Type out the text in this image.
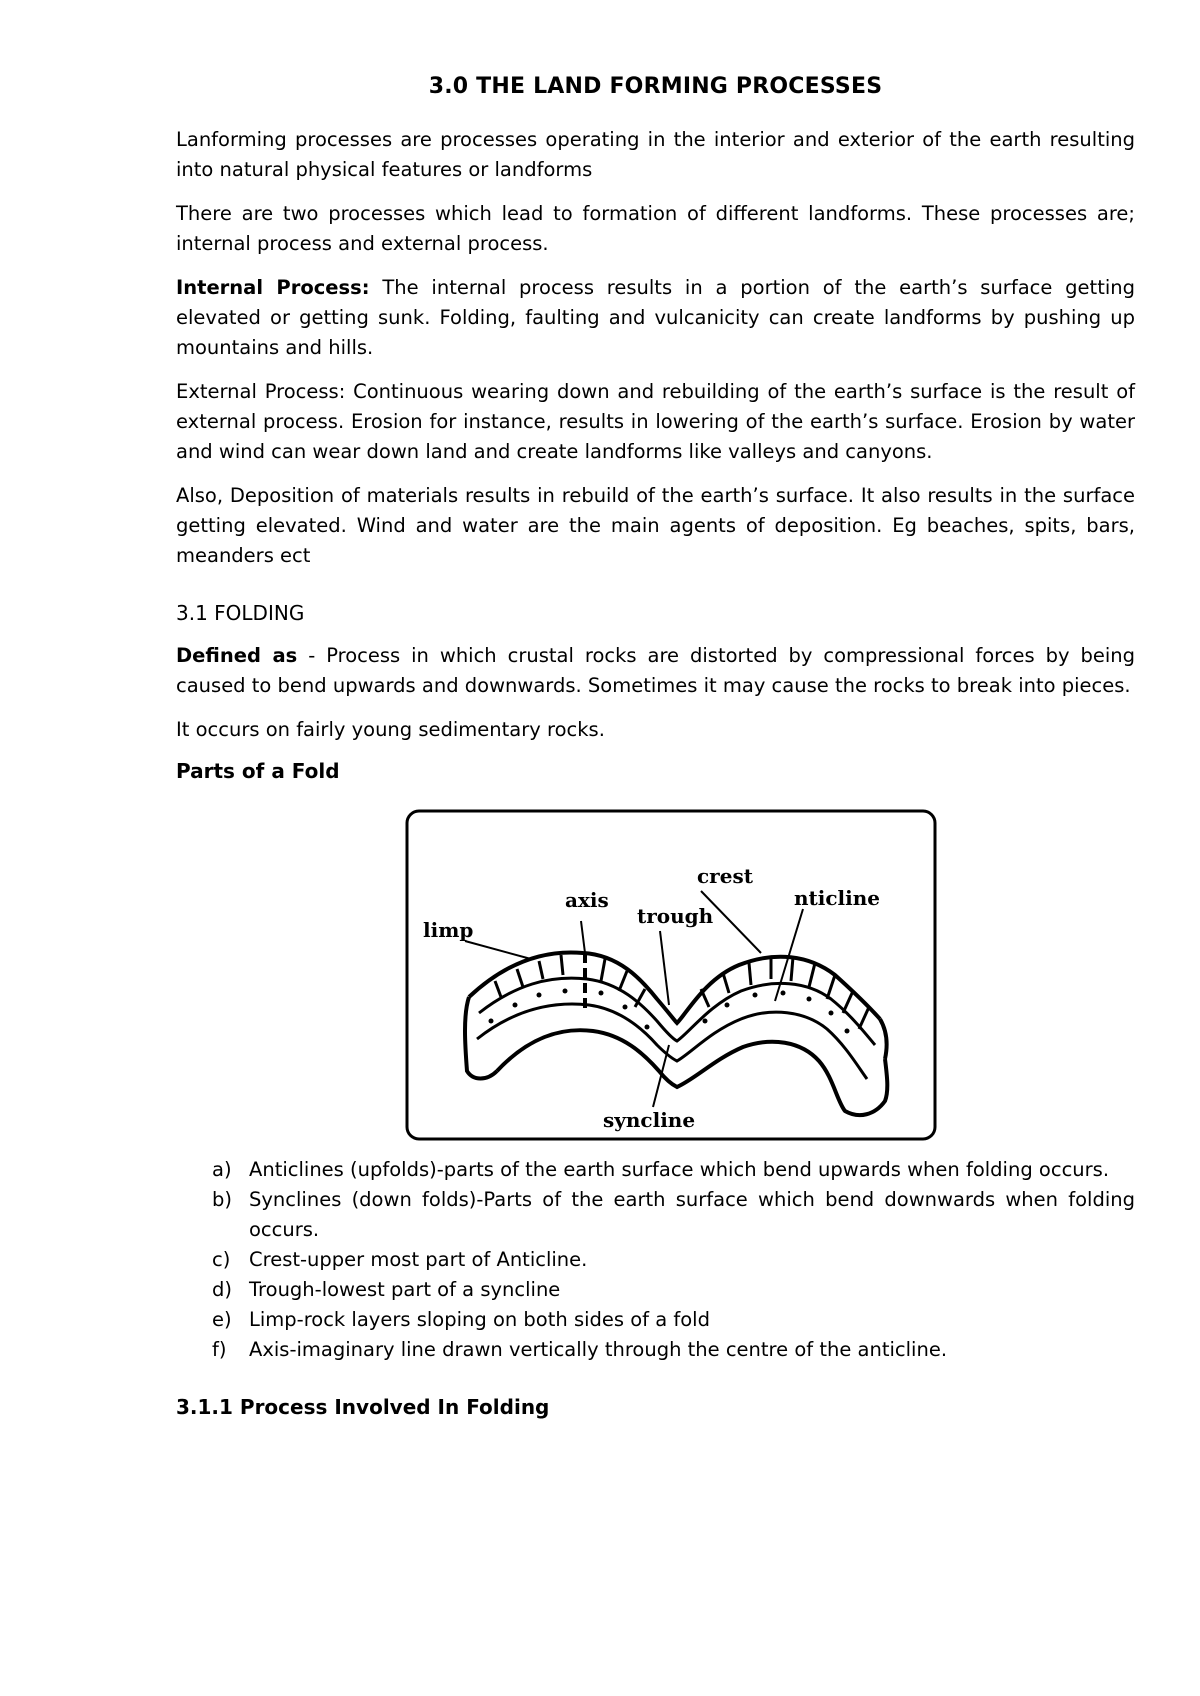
3.0 THE LAND FORMING PROCESSES

Lanforming processes are processes operating in the interior and exterior of the earth resulting into natural physical features or landforms

There are two processes which lead to formation of different landforms. These processes are; internal process and external process.

Internal Process: The internal process results in a portion of the earth’s surface getting elevated or getting sunk. Folding, faulting and vulcanicity can create landforms by pushing up mountains and hills.

External Process: Continuous wearing down and rebuilding of the earth’s surface is the result of external process. Erosion for instance, results in lowering of the earth’s surface. Erosion by water and wind can wear down land and create landforms like valleys and canyons.

Also, Deposition of materials results in rebuild of the earth’s surface. It also results in the surface getting elevated. Wind and water are the main agents of deposition. Eg beaches, spits, bars, meanders ect

3.1 FOLDING

Defined as - Process in which crustal rocks are distorted by compressional forces by being caused to bend upwards and downwards. Sometimes it may cause the rocks to break into pieces.

It occurs on fairly young sedimentary rocks.

Parts of a Fold
crest
axis	nticline
trough
limp
syncline
a) Anticlines (upfolds)-parts of the earth surface which bend upwards when folding occurs.
b) Synclines (down folds)-Parts of the earth surface which bend downwards when folding occurs.
c) Crest-upper most part of Anticline.
d) Trough-lowest part of a syncline
e) Limp-rock layers sloping on both sides of a fold
f)	Axis-imaginary line drawn vertically through the centre of the anticline.
3.1.1 Process Involved In Folding
